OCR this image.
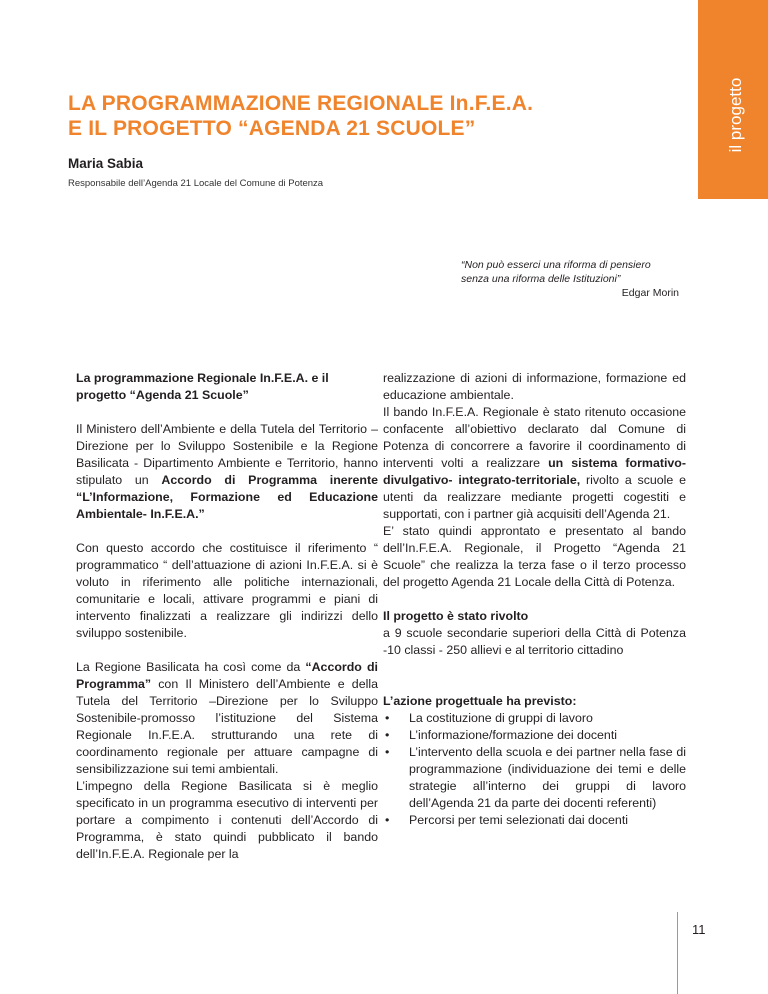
il progetto
LA PROGRAMMAZIONE REGIONALE In.F.E.A.
E IL PROGETTO “AGENDA 21 SCUOLE”
Maria Sabia
Responsabile dell’Agenda 21 Locale del Comune di Potenza
“Non può esserci una riforma di pensiero
senza una riforma delle Istituzioni”
Edgar Morin
La programmazione Regionale In.F.E.A. e il progetto “Agenda 21 Scuole”

Il Ministero dell’Ambiente e della Tutela del Territorio – Direzione per lo Sviluppo Sostenibile e la Regione Basilicata - Dipartimento Ambiente e Territorio, hanno stipulato un Accordo di Programma inerente “L’Informazione, Formazione ed Educazione Ambientale- In.F.E.A.”

Con questo accordo che costituisce il riferimento “ programmatico “ dell’attuazione di azioni In.F.E.A. si è voluto in riferimento alle politiche internazionali, comunitarie e locali, attivare programmi e piani di intervento finalizzati a realizzare gli indirizzi dello sviluppo sostenibile.

La Regione Basilicata ha così come da “Accordo di Programma” con Il Ministero dell’Ambiente e della Tutela del Territorio –Direzione per lo Sviluppo Sostenibile-promosso l’istituzione del Sistema Regionale In.F.E.A. strutturando una rete di coordinamento regionale per attuare campagne di sensibilizzazione sui temi ambientali.

L’impegno della Regione Basilicata si è meglio specificato in un programma esecutivo di interventi per portare a compimento i contenuti dell’Accordo di Programma, è stato quindi pubblicato il bando dell’In.F.E.A. Regionale per la

realizzazione di azioni di informazione, formazione ed educazione ambientale.

Il bando In.F.E.A. Regionale è stato ritenuto occasione confacente all’obiettivo declarato dal Comune di Potenza di concorrere a favorire il coordinamento di interventi volti a realizzare un sistema formativo-divulgativo- integrato-territoriale, rivolto a scuole e utenti da realizzare mediante progetti cogestiti e supportati, con i partner già acquisiti dell’Agenda 21.

E’ stato quindi approntato e presentato al bando dell’In.F.E.A. Regionale, il Progetto “Agenda 21 Scuole” che realizza la terza fase o il terzo processo del progetto Agenda 21 Locale della Città di Potenza.

Il progetto è stato rivolto

a 9 scuole secondarie superiori della Città di Potenza -10 classi - 250 allievi e al territorio cittadino

L’azione progettuale ha previsto:
• La costituzione di gruppi di lavoro
• L’informazione/formazione dei docenti
• L’intervento della scuola e dei partner nella fase di programmazione (individuazione dei temi e delle strategie all’interno dei gruppi di lavoro dell’Agenda 21 da parte dei docenti referenti)
• Percorsi per temi selezionati dai docenti
11
